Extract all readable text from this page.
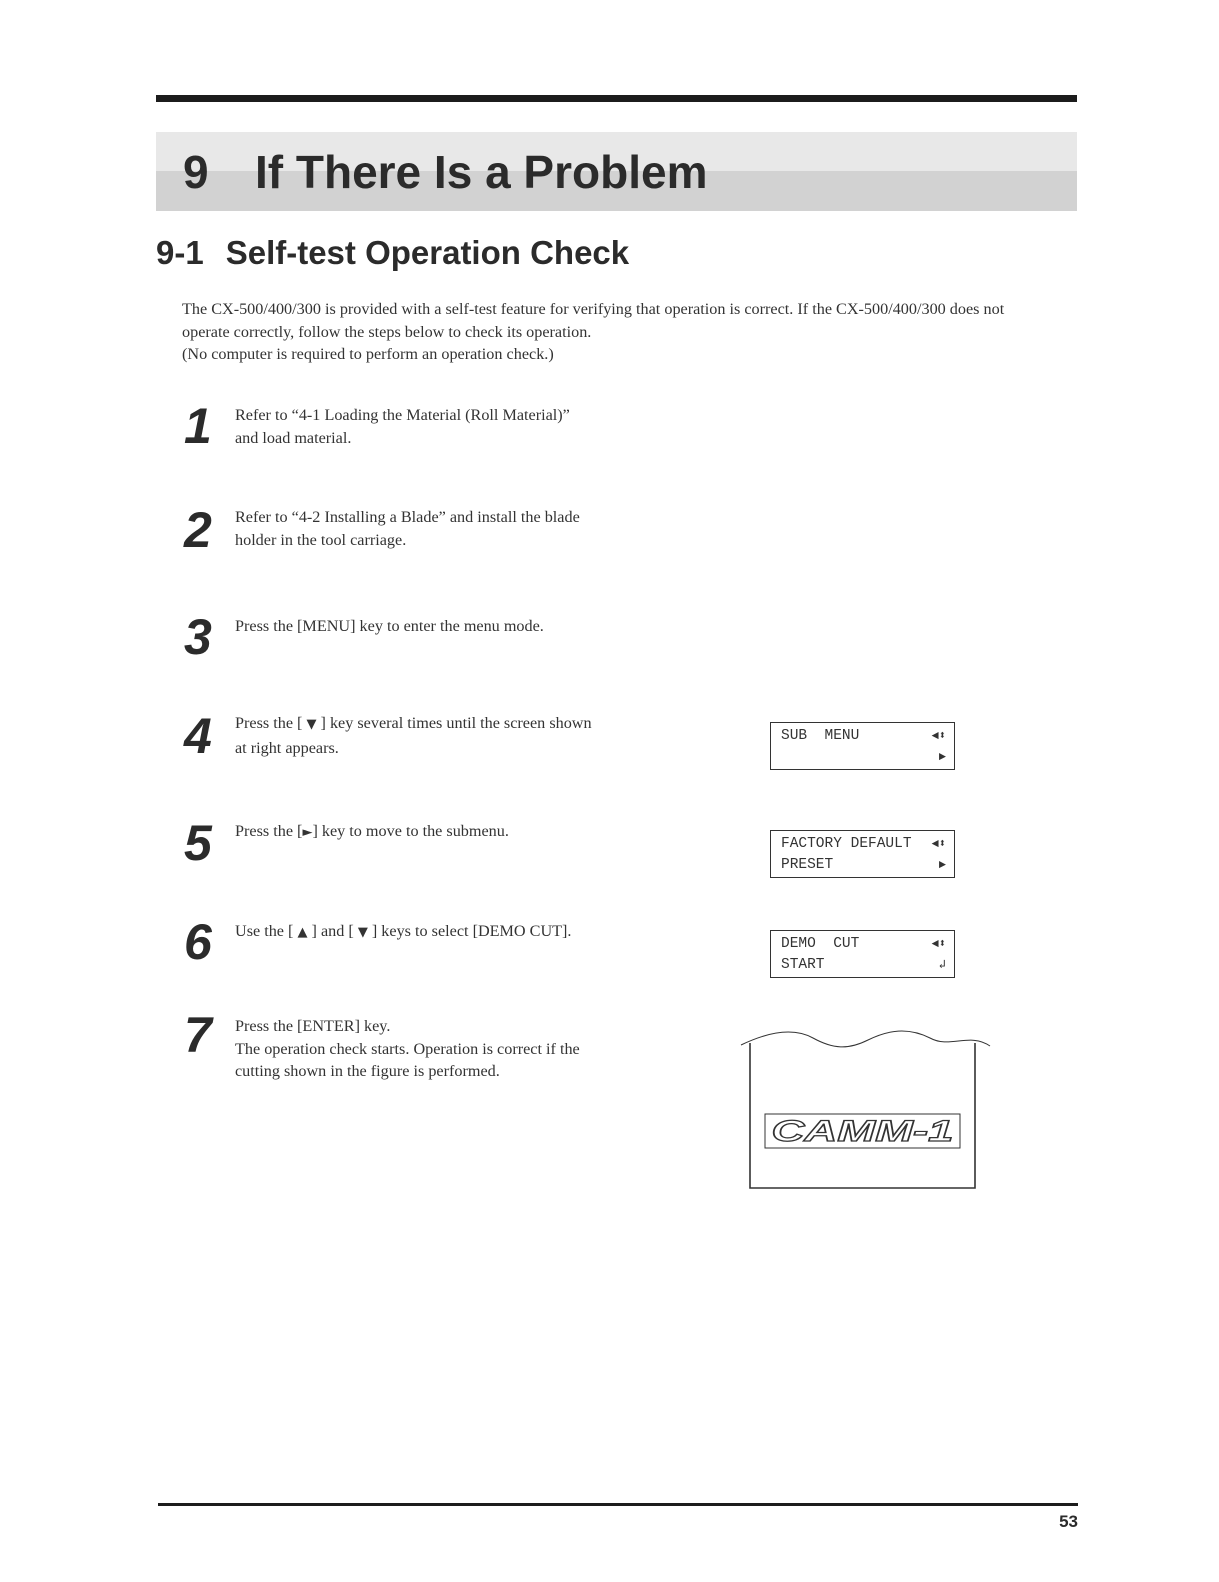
9 If There Is a Problem
9-1 Self-test Operation Check

The CX-500/400/300 is provided with a self-test feature for verifying that operation is correct. If the CX-500/400/300 does not

operate correctly, follow the steps below to check its operation.

(No computer is required to perform an operation check.)

1 Refer to “4-1 Loading the Material (Roll Material)”

and load material.

2 Refer to “4-2 Installing a Blade” and install the blade

holder in the tool carriage.

3 Press the [MENU] key to enter the menu mode.

4 Press the [ ▼ ] key several times until the screen shown

at right appears.

5 Press the [►] key to move to the submenu.

6 Use the [ ▲ ] and [ ▼ ] keys to select [DEMO CUT].

7 Press the [ENTER] key.

The operation check starts. Operation is correct if the

cutting shown in the figure is performed.

SUB  MENU	◄⬍
►
FACTORY DEFAULT
PRESET
◄⬍
►
DEMO  CUT
START
◄⬍
↲
CAMM-1
53
